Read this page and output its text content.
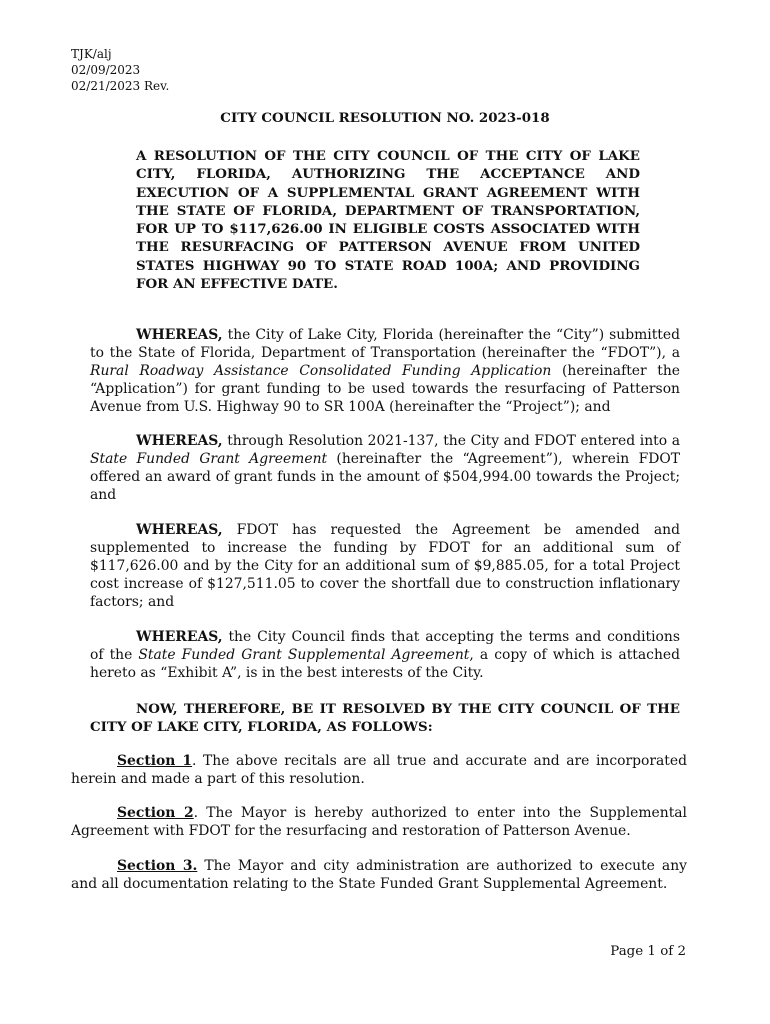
TJK/alj
02/09/2023
02/21/2023 Rev.
CITY COUNCIL RESOLUTION NO. 2023-018
A RESOLUTION OF THE CITY COUNCIL OF THE CITY OF LAKE CITY, FLORIDA, AUTHORIZING THE ACCEPTANCE AND EXECUTION OF A SUPPLEMENTAL GRANT AGREEMENT WITH THE STATE OF FLORIDA, DEPARTMENT OF TRANSPORTATION, FOR UP TO $117,626.00 IN ELIGIBLE COSTS ASSOCIATED WITH THE RESURFACING OF PATTERSON AVENUE FROM UNITED STATES HIGHWAY 90 TO STATE ROAD 100A; AND PROVIDING FOR AN EFFECTIVE DATE.

WHEREAS, the City of Lake City, Florida (hereinafter the “City”) submitted to the State of Florida, Department of Transportation (hereinafter the “FDOT”), a Rural Roadway Assistance Consolidated Funding Application (hereinafter the “Application”) for grant funding to be used towards the resurfacing of Patterson Avenue from U.S. Highway 90 to SR 100A (hereinafter the “Project”); and

WHEREAS, through Resolution 2021-137, the City and FDOT entered into a State Funded Grant Agreement (hereinafter the “Agreement”), wherein FDOT offered an award of grant funds in the amount of $504,994.00 towards the Project; and

WHEREAS, FDOT has requested the Agreement be amended and supplemented to increase the funding by FDOT for an additional sum of $117,626.00 and by the City for an additional sum of $9,885.05, for a total Project cost increase of $127,511.05 to cover the shortfall due to construction inflationary factors; and

WHEREAS, the City Council finds that accepting the terms and conditions of the State Funded Grant Supplemental Agreement, a copy of which is attached hereto as “Exhibit A”, is in the best interests of the City.

NOW, THEREFORE, BE IT RESOLVED BY THE CITY COUNCIL OF THE CITY OF LAKE CITY, FLORIDA, AS FOLLOWS:

Section 1. The above recitals are all true and accurate and are incorporated herein and made a part of this resolution.

Section 2. The Mayor is hereby authorized to enter into the Supplemental Agreement with FDOT for the resurfacing and restoration of Patterson Avenue.

Section 3. The Mayor and city administration are authorized to execute any and all documentation relating to the State Funded Grant Supplemental Agreement.

Page 1 of 2
